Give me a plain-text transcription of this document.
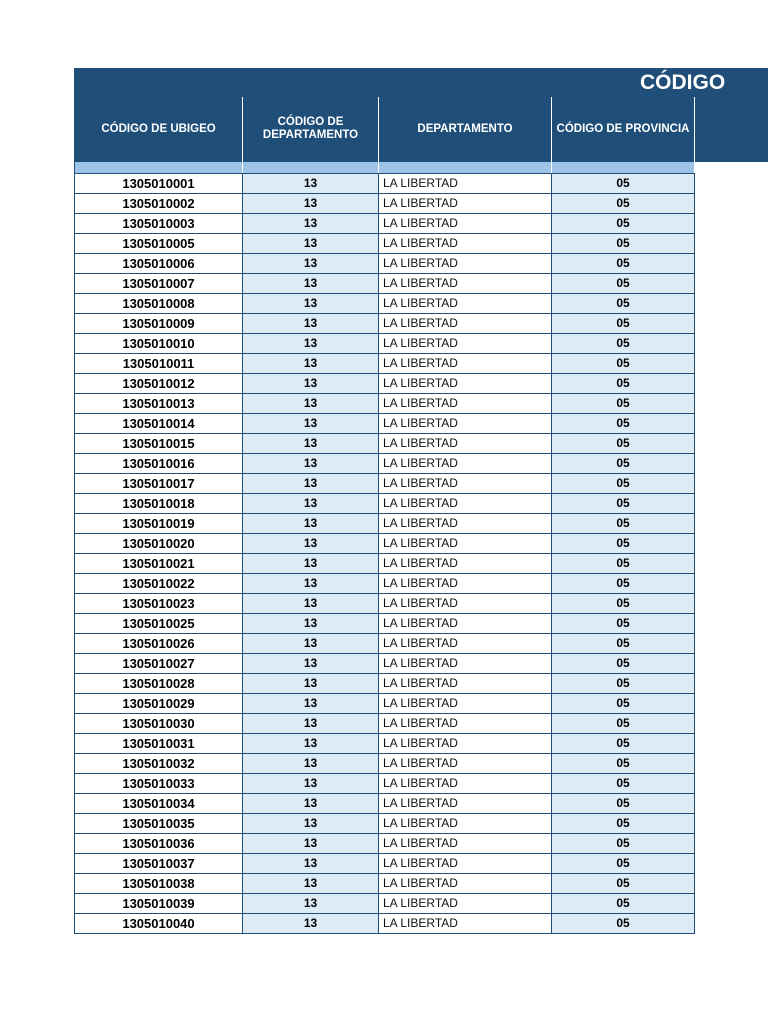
CÓDIGO
CÓDIGO DE UBIGEO	CÓDIGO DE DEPARTAMENTO	DEPARTAMENTO	CÓDIGO DE PROVINCIA

1305010001	13	LA LIBERTAD	05
1305010002	13	LA LIBERTAD	05
1305010003	13	LA LIBERTAD	05
1305010005	13	LA LIBERTAD	05
1305010006	13	LA LIBERTAD	05
1305010007	13	LA LIBERTAD	05
1305010008	13	LA LIBERTAD	05
1305010009	13	LA LIBERTAD	05
1305010010	13	LA LIBERTAD	05
1305010011	13	LA LIBERTAD	05
1305010012	13	LA LIBERTAD	05
1305010013	13	LA LIBERTAD	05
1305010014	13	LA LIBERTAD	05
1305010015	13	LA LIBERTAD	05
1305010016	13	LA LIBERTAD	05
1305010017	13	LA LIBERTAD	05
1305010018	13	LA LIBERTAD	05
1305010019	13	LA LIBERTAD	05
1305010020	13	LA LIBERTAD	05
1305010021	13	LA LIBERTAD	05
1305010022	13	LA LIBERTAD	05
1305010023	13	LA LIBERTAD	05
1305010025	13	LA LIBERTAD	05
1305010026	13	LA LIBERTAD	05
1305010027	13	LA LIBERTAD	05
1305010028	13	LA LIBERTAD	05
1305010029	13	LA LIBERTAD	05
1305010030	13	LA LIBERTAD	05
1305010031	13	LA LIBERTAD	05
1305010032	13	LA LIBERTAD	05
1305010033	13	LA LIBERTAD	05
1305010034	13	LA LIBERTAD	05
1305010035	13	LA LIBERTAD	05
1305010036	13	LA LIBERTAD	05
1305010037	13	LA LIBERTAD	05
1305010038	13	LA LIBERTAD	05
1305010039	13	LA LIBERTAD	05
1305010040	13	LA LIBERTAD	05
